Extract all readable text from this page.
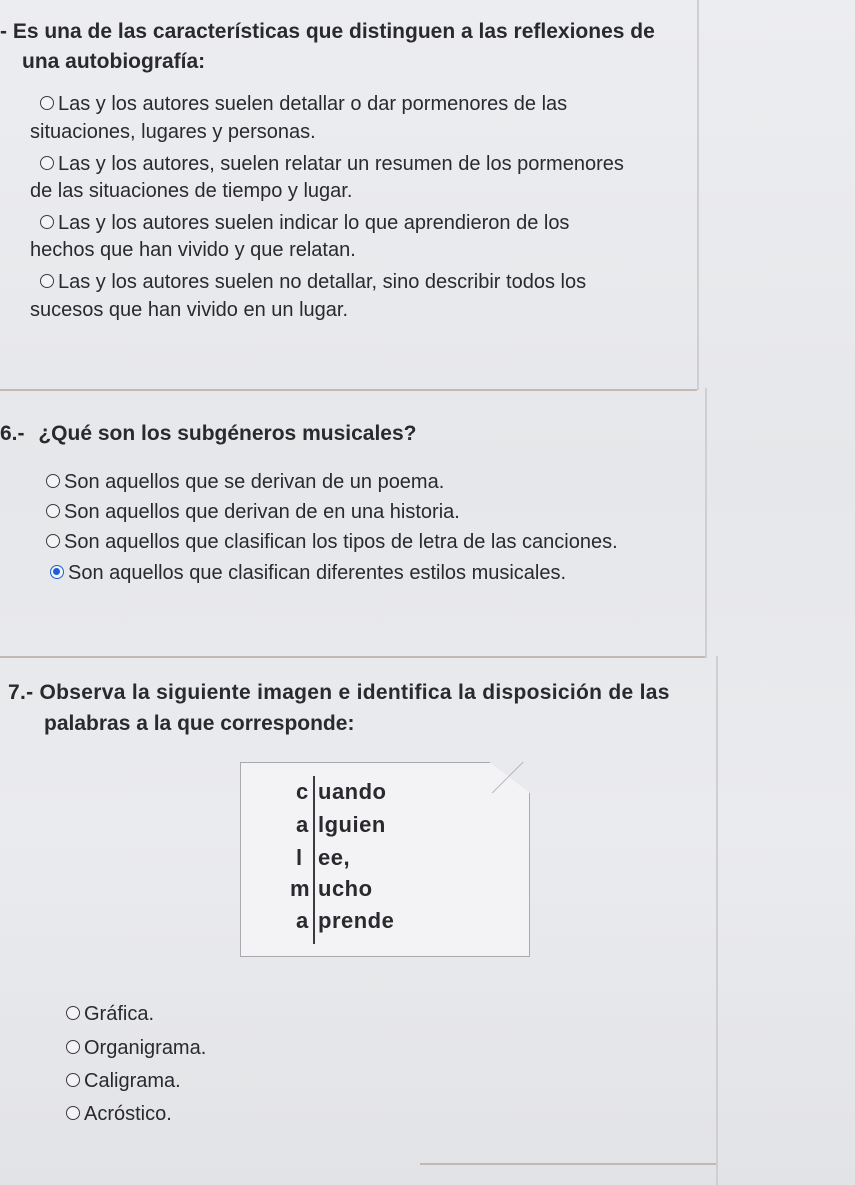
- Es una de las características que distinguen a las reflexiones de
una autobiografía:
Las y los autores suelen detallar o dar pormenores de las
situaciones, lugares y personas.
Las y los autores, suelen relatar un resumen de los pormenores
de las situaciones de tiempo y lugar.
Las y los autores suelen indicar lo que aprendieron de los
hechos que han vivido y que relatan.
Las y los autores suelen no detallar, sino describir todos los
sucesos que han vivido en un lugar.
6.- ¿Qué son los subgéneros musicales?
Son aquellos que se derivan de un poema.
Son aquellos que derivan de en una historia.
Son aquellos que clasifican los tipos de letra de las canciones.
Son aquellos que clasifican diferentes estilos musicales.
7.- Observa la siguiente imagen e identifica la disposición de las
palabras a la que corresponde:
c uando
a lguien
l ee,
m ucho
a prende
Gráfica.
Organigrama.
Caligrama.
Acróstico.
